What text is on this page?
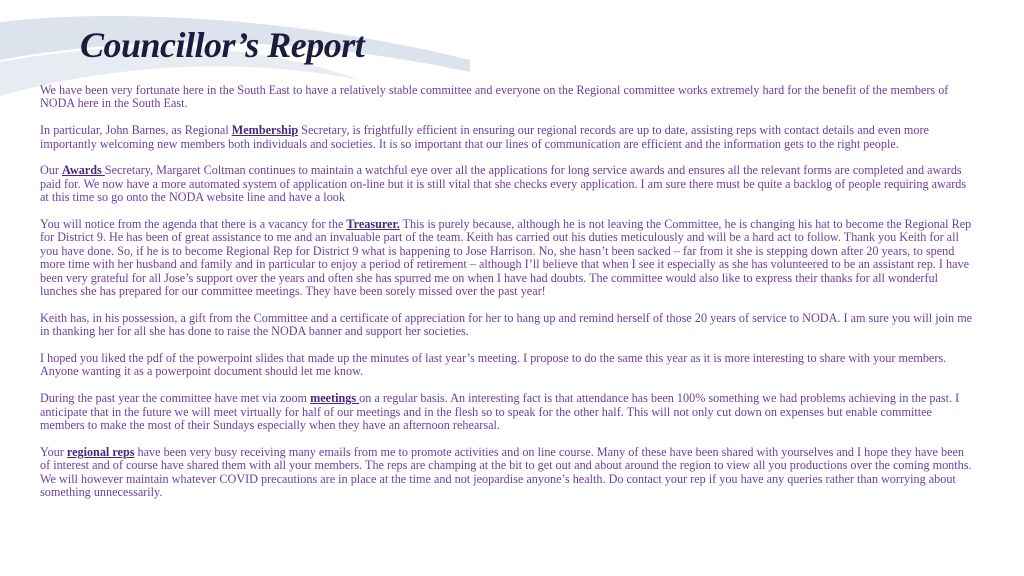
Councillor’s Report

We have been very fortunate here in the South East to have a relatively stable committee and everyone on the Regional committee works extremely hard for the benefit of the members of NODA here in the South East.

In particular, John Barnes, as Regional Membership Secretary, is frightfully efficient in ensuring our regional records are up to date, assisting reps with contact details and even more importantly welcoming new members both individuals and societies. It is so important that our lines of communication are efficient and the information gets to the right people.

Our Awards Secretary, Margaret Coltman continues to maintain a watchful eye over all the applications for long service awards and ensures all the relevant forms are completed and awards paid for. We now have a more automated system of application on-line but it is still vital that she checks every application. I am sure there must be quite a backlog of people requiring awards at this time so go onto the NODA website line and have a look

You will notice from the agenda that there is a vacancy for the Treasurer. This is purely because, although he is not leaving the Committee, he is changing his hat to become the Regional Rep for District 9. He has been of great assistance to me and an invaluable part of the team. Keith has carried out his duties meticulously and will be a hard act to follow. Thank you Keith for all you have done. So, if he is to become Regional Rep for District 9 what is happening to Jose Harrison. No, she hasn’t been sacked – far from it she is stepping down after 20 years, to spend more time with her husband and family and in particular to enjoy a period of retirement – although I’ll believe that when I see it especially as she has volunteered to be an assistant rep. I have been very grateful for all Jose’s support over the years and often she has spurred me on when I have had doubts. The committee would also like to express their thanks for all wonderful lunches she has prepared for our committee meetings. They have been sorely missed over the past year!

Keith has, in his possession, a gift from the Committee and a certificate of appreciation for her to hang up and remind herself of those 20 years of service to NODA. I am sure you will join me in thanking her for all she has done to raise the NODA banner and support her societies.

I hoped you liked the pdf of the powerpoint slides that made up the minutes of last year’s meeting. I propose to do the same this year as it is more interesting to share with your members. Anyone wanting it as a powerpoint document should let me know.

During the past year the committee have met via zoom meetings on a regular basis. An interesting fact is that attendance has been 100% something we had problems achieving in the past. I anticipate that in the future we will meet virtually for half of our meetings and in the flesh so to speak for the other half. This will not only cut down on expenses but enable committee members to make the most of their Sundays especially when they have an afternoon rehearsal.

Your regional reps have been very busy receiving many emails from me to promote activities and on line course. Many of these have been shared with yourselves and I hope they have been of interest and of course have shared them with all your members. The reps are champing at the bit to get out and about around the region to view all you productions over the coming months. We will however maintain whatever COVID precautions are in place at the time and not jeopardise anyone’s health. Do contact your rep if you have any queries rather than worrying about something unnecessarily.
